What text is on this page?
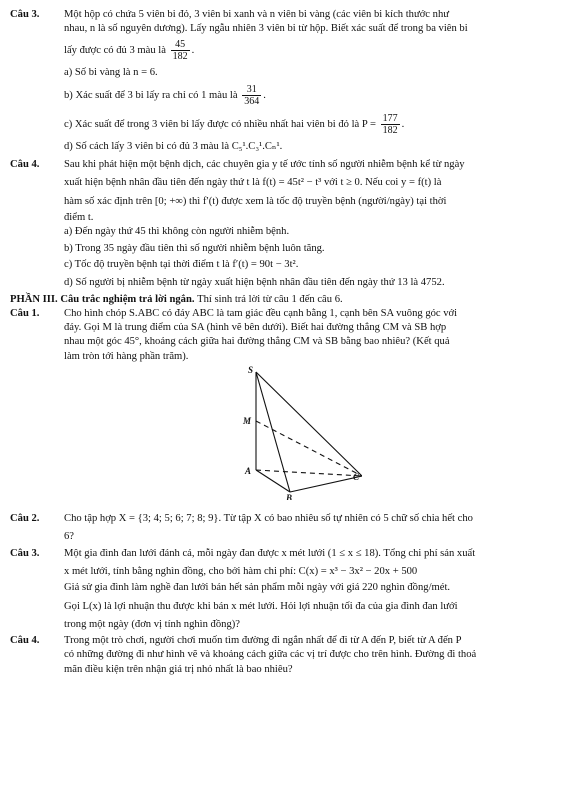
Câu 3. Một hộp có chứa 5 viên bi đỏ, 3 viên bi xanh và n viên bi vàng (các viên bi kích thước như
nhau, n là số nguyên dương). Lấy ngẫu nhiên 3 viên bi từ hộp. Biết xác suất để trong ba viên bi
lấy được có đủ 3 màu là $\frac{45}{182}$ .
a) Số bi vàng là n = 6.
b) Xác suất để 3 bi lấy ra chỉ có 1 màu là $\frac{31}{364}$ .
c) Xác suất để trong 3 viên bi lấy được có nhiều nhất hai viên bi đỏ là $P = \frac{177}{182}$ .
d) Số cách lấy 3 viên bi có đủ 3 màu là C₅¹.C₃¹.Cₙ¹.
Câu 4. Sau khi phát hiện một bệnh dịch, các chuyên gia y tế ước tính số người nhiễm bệnh kể từ ngày
xuất hiện bệnh nhân đầu tiên đến ngày thứ t là f(t) = 45t² − t³ với t ≥ 0. Nếu coi y = f(t) là
hàm số xác định trên [0; +∞) thì f′(t) được xem là tốc độ truyền bệnh (người/ngày) tại thời
điểm t.
a) Đến ngày thứ 45 thì không còn người nhiễm bệnh.
b) Trong 35 ngày đầu tiên thì số người nhiễm bệnh luôn tăng.
c) Tốc độ truyền bệnh tại thời điểm t là f′(t) = 90t − 3t².
d) Số người bị nhiễm bệnh từ ngày xuất hiện bệnh nhân đầu tiên đến ngày thứ 13 là 4752.
PHẦN III. Câu trắc nghiệm trả lời ngắn. Thí sinh trả lời từ câu 1 đến câu 6.
Câu 1. Cho hình chóp S.ABC có đáy ABC là tam giác đều cạnh bằng 1, cạnh bên SA vuông góc với
đáy. Gọi M là trung điểm của SA (hình vẽ bên dưới). Biết hai đường thẳng CM và SB hợp
nhau một góc 45°, khoảng cách giữa hai đường thẳng CM và SB bằng bao nhiêu? (Kết quả
làm tròn tới hàng phần trăm).
S
M
A
B
C
Câu 2. Cho tập hợp X = {3; 4; 5; 6; 7; 8; 9}. Từ tập X có bao nhiêu số tự nhiên có 5 chữ số chia hết cho
6?
Câu 3. Một gia đình đan lưới đánh cá, mỗi ngày đan được x mét lưới (1 ≤ x ≤ 18). Tổng chi phí sản xuất
x mét lưới, tính bằng nghìn đồng, cho bởi hàm chi phí: C(x) = x³ − 3x² − 20x + 500
Giả sử gia đình làm nghề đan lưới bán hết sản phẩm mỗi ngày với giá 220 nghìn đồng/mét.
Gọi L(x) là lợi nhuận thu được khi bán x mét lưới. Hỏi lợi nhuận tối đa của gia đình đan lưới
trong một ngày (đơn vị tính nghìn đồng)?
Câu 4. Trong một trò chơi, người chơi muốn tìm đường đi ngắn nhất để đi từ A đến P, biết từ A đến P
có những đường đi như hình vẽ và khoảng cách giữa các vị trí được cho trên hình. Đường đi thoả
mãn điều kiện trên nhận giá trị nhỏ nhất là bao nhiêu?
